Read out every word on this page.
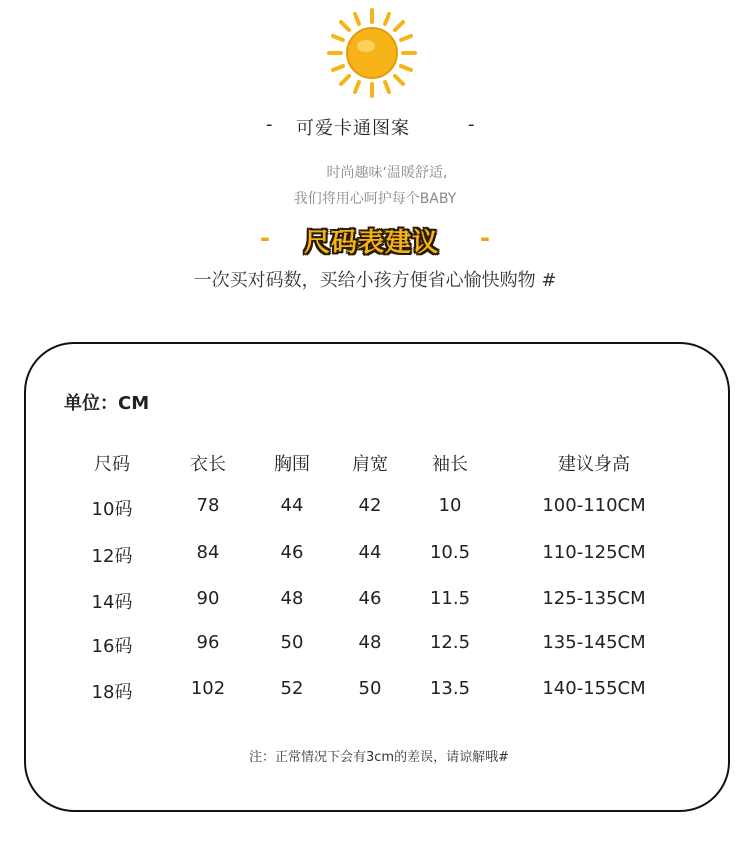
- 可爱卡通图案	-
时尚趣味‘温暖舒适,
我们将用心呵护每个BABY
- 尺码表建议 -
一次买对码数，买给小孩方便省心愉快购物 #
单位：CM
尺码	衣长	胸围	肩宽	袖长	建议身高
10码	78	44	42	10	100-110CM
12码	84	46	44	10.5	110-125CM
14码	90	48	46	11.5	125-135CM
16码	96	50	48	12.5	135-145CM
18码	102	52	50	13.5	140-155CM
注：正常情况下会有3cm的差误，请谅解哦#
